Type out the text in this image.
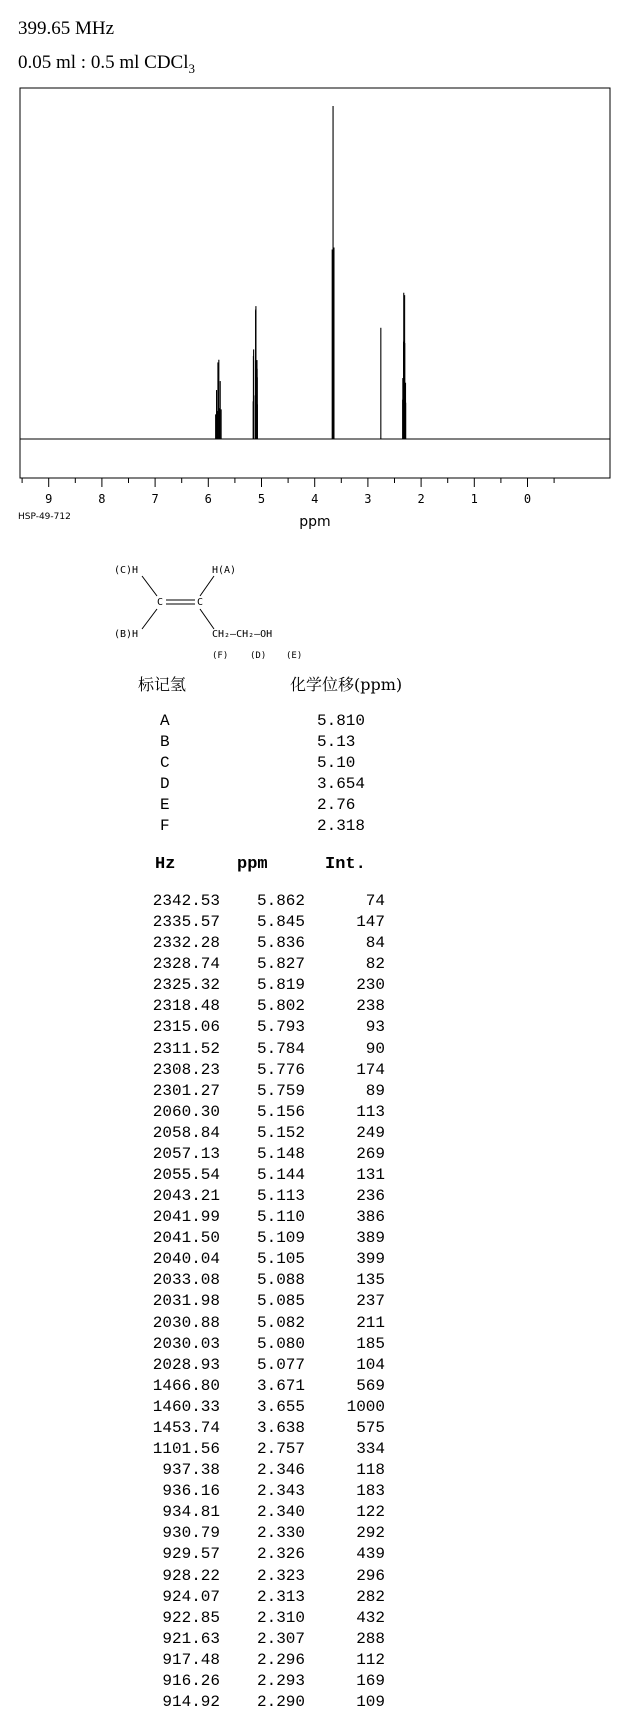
399.65 MHz
0.05 ml : 0.5 ml CDCl$_3$
9	8	7	6	5	4	3	2	1	0
ppm
HSP-49-712
(C)H	H(A)
C	C
(B)H	CH₂—CH₂—OH
(F) (D) (E)
标记氢	化学位移(ppm)
A	5.810
B	5.13
C	5.10
D	3.654
E	2.76
F	2.318
Hz	ppm	Int.
2342.53 5.862	74
2335.57 5.845	147
2332.28 5.836	84
2328.74 5.827	82
2325.32 5.819	230
2318.48 5.802	238
2315.06 5.793	93
2311.52 5.784	90
2308.23 5.776	174
2301.27 5.759	89
2060.30 5.156	113
2058.84 5.152	249
2057.13 5.148	269
2055.54 5.144	131
2043.21 5.113	236
2041.99 5.110	386
2041.50 5.109	389
2040.04 5.105	399
2033.08 5.088	135
2031.98 5.085	237
2030.88 5.082	211
2030.03 5.080	185
2028.93 5.077	104
1466.80 3.671	569
1460.33 3.655	1000
1453.74 3.638	575
1101.56 2.757	334
937.38 2.346	118
936.16 2.343	183
934.81 2.340	122
930.79 2.330	292
929.57 2.326	439
928.22 2.323	296
924.07 2.313	282
922.85 2.310	432
921.63 2.307	288
917.48 2.296	112
916.26 2.293	169
914.92 2.290	109
